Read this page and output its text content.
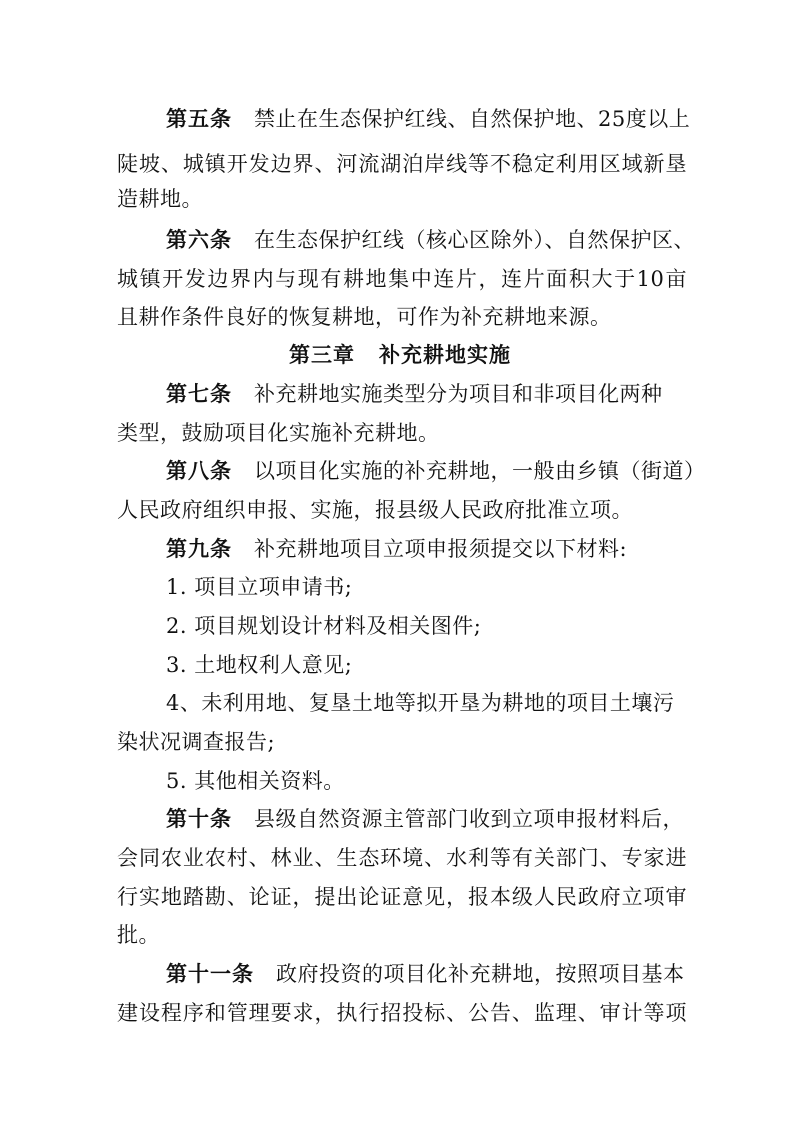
第五条 禁止在生态保护红线、自然保护地、25度以上
陡坡、城镇开发边界、河流湖泊岸线等不稳定利用区域新垦
造耕地。
第六条 在生态保护红线（核心区除外）、自然保护区、
城镇开发边界内与现有耕地集中连片，连片面积大于10亩
且耕作条件良好的恢复耕地，可作为补充耕地来源。
第三章 补充耕地实施
第七条 补充耕地实施类型分为项目和非项目化两种
类型，鼓励项目化实施补充耕地。
第八条 以项目化实施的补充耕地，一般由乡镇（街道）
人民政府组织申报、实施，报县级人民政府批准立项。
第九条 补充耕地项目立项申报须提交以下材料:
1. 项目立项申请书;
2. 项目规划设计材料及相关图件;
3. 土地权利人意见;
4、未利用地、复垦土地等拟开垦为耕地的项目土壤污
染状况调查报告;
5. 其他相关资料。
第十条 县级自然资源主管部门收到立项申报材料后，
会同农业农村、林业、生态环境、水利等有关部门、专家进
行实地踏勘、论证，提出论证意见，报本级人民政府立项审
批。
第十一条 政府投资的项目化补充耕地，按照项目基本
建设程序和管理要求，执行招投标、公告、监理、审计等项
